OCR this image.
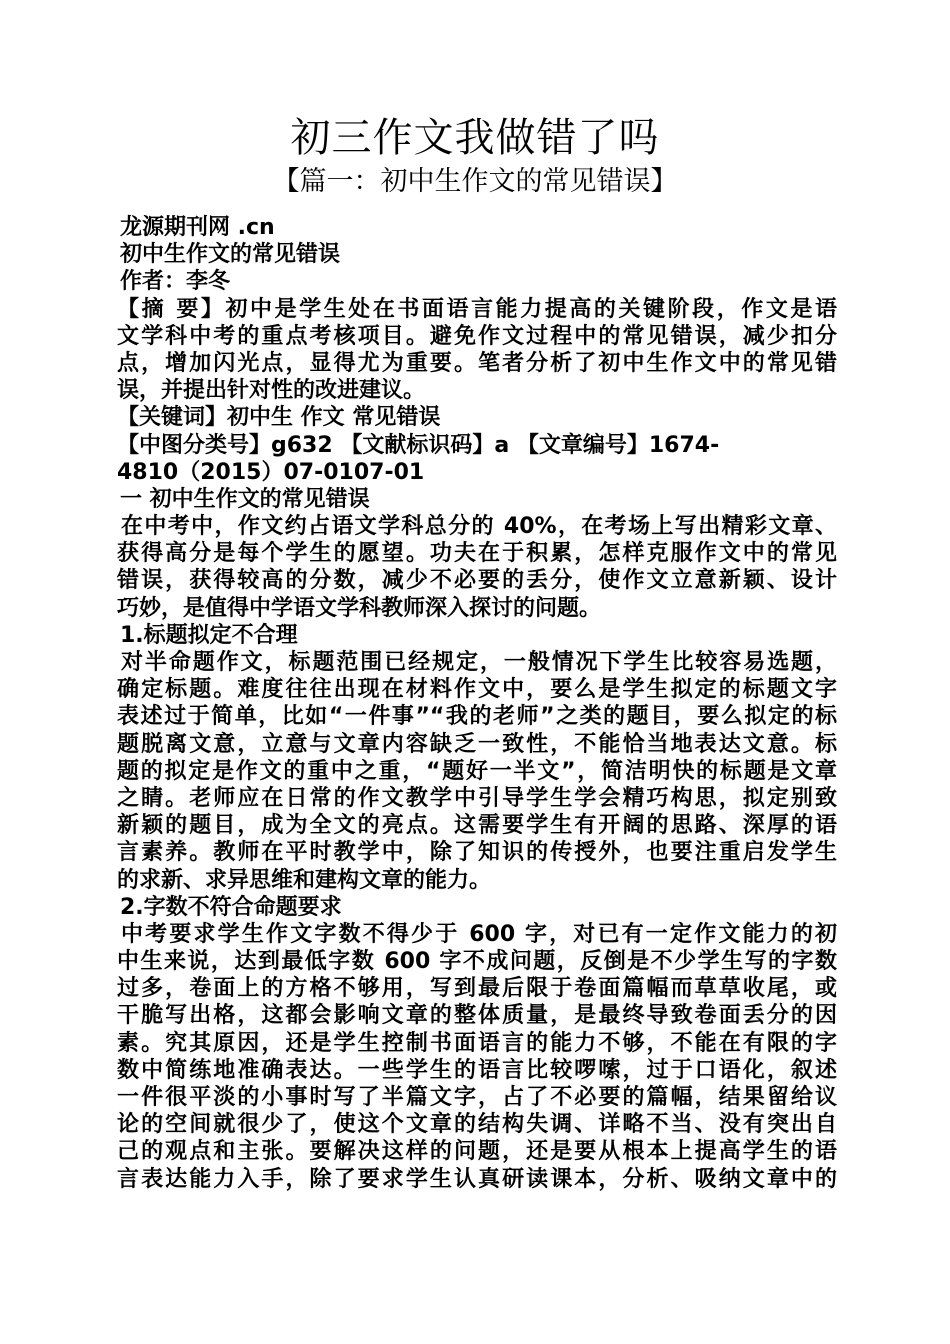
初三作文我做错了吗
【篇一：初中生作文的常见错误】
龙源期刊网 .cn
初中生作文的常见错误
作者：李冬
【摘 要】初中是学生处在书面语言能力提高的关键阶段，作文是语
文学科中考的重点考核项目。避免作文过程中的常见错误，减少扣分
点，增加闪光点，显得尤为重要。笔者分析了初中生作文中的常见错
误，并提出针对性的改进建议。
【关键词】初中生 作文 常见错误
【中图分类号】g632 【文献标识码】a 【文章编号】1674-
4810（2015）07-0107-01
一 初中生作文的常见错误
在中考中，作文约占语文学科总分的 40%，在考场上写出精彩文章、
获得高分是每个学生的愿望。功夫在于积累，怎样克服作文中的常见
错误，获得较高的分数，减少不必要的丢分，使作文立意新颖、设计
巧妙，是值得中学语文学科教师深入探讨的问题。
1.标题拟定不合理
对半命题作文，标题范围已经规定，一般情况下学生比较容易选题，
确定标题。难度往往出现在材料作文中，要么是学生拟定的标题文字
表述过于简单，比如“一件事”“我的老师”之类的题目，要么拟定的标
题脱离文意，立意与文章内容缺乏一致性，不能恰当地表达文意。标
题的拟定是作文的重中之重，“题好一半文”，简洁明快的标题是文章
之睛。老师应在日常的作文教学中引导学生学会精巧构思，拟定别致
新颖的题目，成为全文的亮点。这需要学生有开阔的思路、深厚的语
言素养。教师在平时教学中，除了知识的传授外，也要注重启发学生
的求新、求异思维和建构文章的能力。
2.字数不符合命题要求
中考要求学生作文字数不得少于 600 字，对已有一定作文能力的初
中生来说，达到最低字数 600 字不成问题，反倒是不少学生写的字数
过多，卷面上的方格不够用，写到最后限于卷面篇幅而草草收尾，或
干脆写出格，这都会影响文章的整体质量，是最终导致卷面丢分的因
素。究其原因，还是学生控制书面语言的能力不够，不能在有限的字
数中简练地准确表达。一些学生的语言比较啰嗦，过于口语化，叙述
一件很平淡的小事时写了半篇文字，占了不必要的篇幅，结果留给议
论的空间就很少了，使这个文章的结构失调、详略不当、没有突出自
己的观点和主张。要解决这样的问题，还是要从根本上提高学生的语
言表达能力入手，除了要求学生认真研读课本，分析、吸纳文章中的
